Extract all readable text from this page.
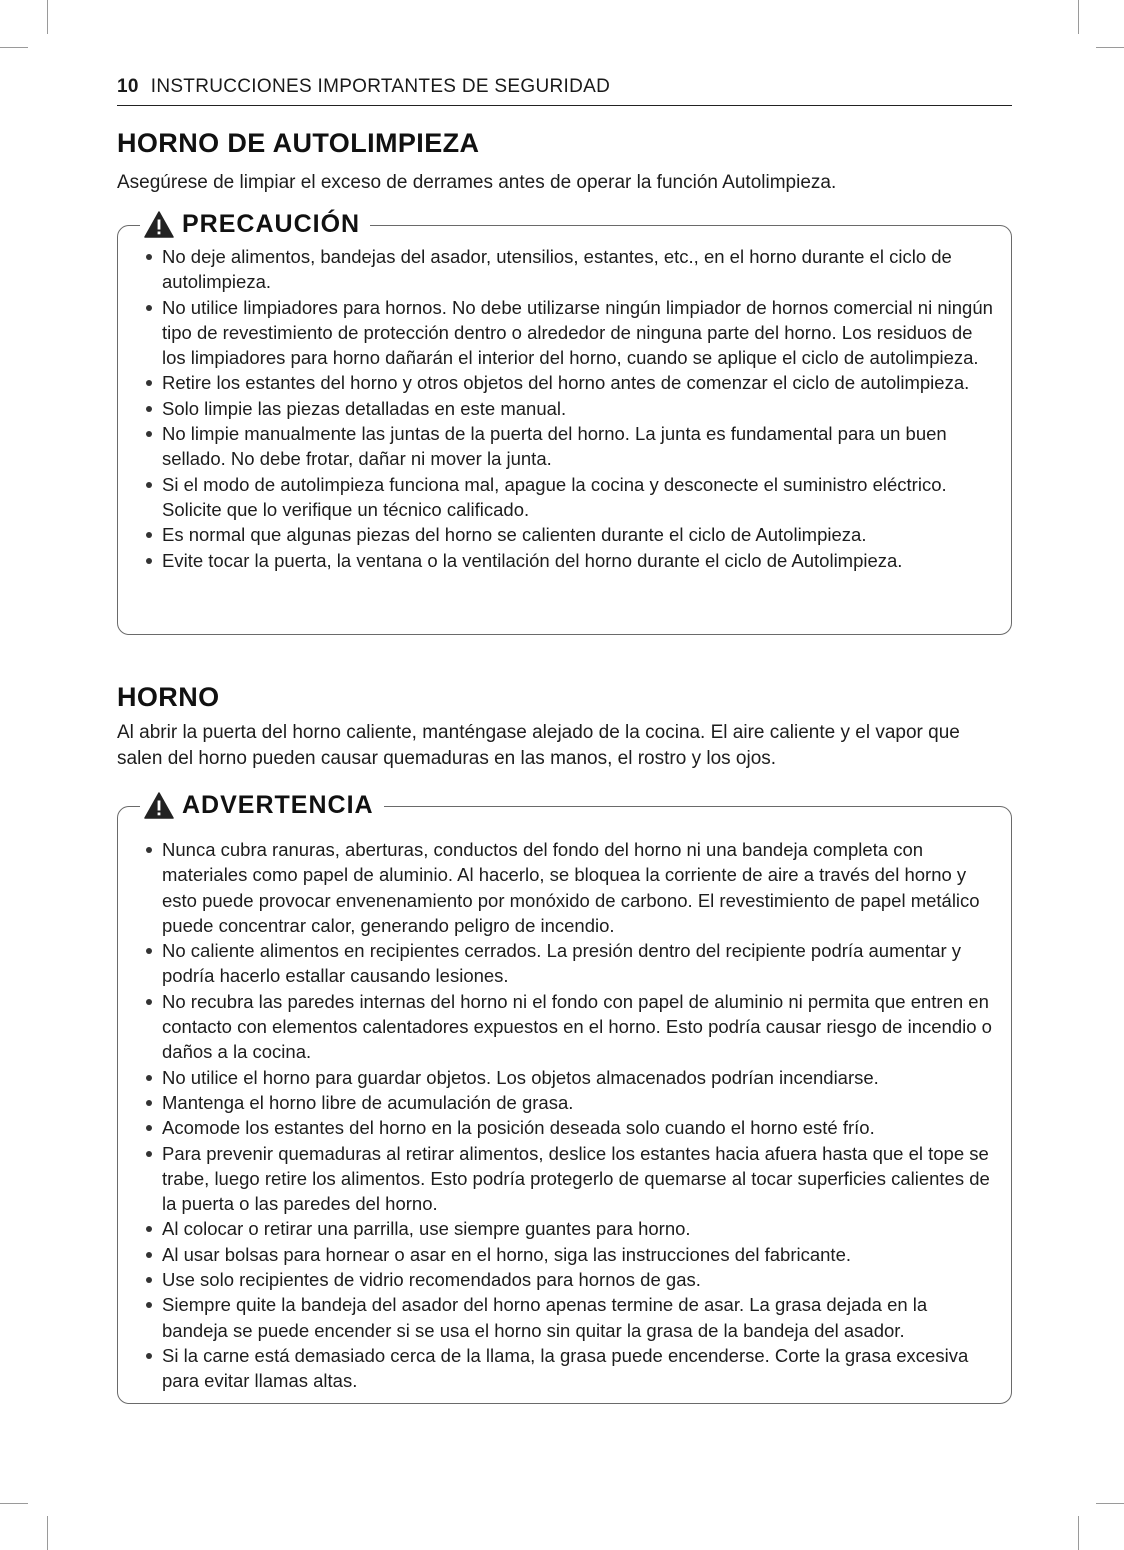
10 INSTRUCCIONES IMPORTANTES DE SEGURIDAD
HORNO DE AUTOLIMPIEZA

Asegúrese de limpiar el exceso de derrames antes de operar la función Autolimpieza.

PRECAUCIÓN
No deje alimentos, bandejas del asador, utensilios, estantes, etc., en el horno durante el ciclo de autolimpieza.
No utilice limpiadores para hornos. No debe utilizarse ningún limpiador de hornos comercial ni ningún tipo de revestimiento de protección dentro o alrededor de ninguna parte del horno. Los residuos de los limpiadores para horno dañarán el interior del horno, cuando se aplique el ciclo de autolimpieza.
Retire los estantes del horno y otros objetos del horno antes de comenzar el ciclo de autolimpieza.
Solo limpie las piezas detalladas en este manual.
No limpie manualmente las juntas de la puerta del horno. La junta es fundamental para un buen sellado. No debe frotar, dañar ni mover la junta.
Si el modo de autolimpieza funciona mal, apague la cocina y desconecte el suministro eléctrico. Solicite que lo verifique un técnico calificado.
Es normal que algunas piezas del horno se calienten durante el ciclo de Autolimpieza.
Evite tocar la puerta, la ventana o la ventilación del horno durante el ciclo de Autolimpieza.
HORNO

Al abrir la puerta del horno caliente, manténgase alejado de la cocina. El aire caliente y el vapor que salen del horno pueden causar quemaduras en las manos, el rostro y los ojos.

ADVERTENCIA
Nunca cubra ranuras, aberturas, conductos del fondo del horno ni una bandeja completa con materiales como papel de aluminio. Al hacerlo, se bloquea la corriente de aire a través del horno y esto puede provocar envenenamiento por monóxido de carbono. El revestimiento de papel metálico puede concentrar calor, generando peligro de incendio.
No caliente alimentos en recipientes cerrados. La presión dentro del recipiente podría aumentar y podría hacerlo estallar causando lesiones.
No recubra las paredes internas del horno ni el fondo con papel de aluminio ni permita que entren en contacto con elementos calentadores expuestos en el horno. Esto podría causar riesgo de incendio o daños a la cocina.
No utilice el horno para guardar objetos. Los objetos almacenados podrían incendiarse.
Mantenga el horno libre de acumulación de grasa.
Acomode los estantes del horno en la posición deseada solo cuando el horno esté frío.
Para prevenir quemaduras al retirar alimentos, deslice los estantes hacia afuera hasta que el tope se trabe, luego retire los alimentos. Esto podría protegerlo de quemarse al tocar superficies calientes de la puerta o las paredes del horno.
Al colocar o retirar una parrilla, use siempre guantes para horno.
Al usar bolsas para hornear o asar en el horno, siga las instrucciones del fabricante.
Use solo recipientes de vidrio recomendados para hornos de gas.
Siempre quite la bandeja del asador del horno apenas termine de asar. La grasa dejada en la bandeja se puede encender si se usa el horno sin quitar la grasa de la bandeja del asador.
Si la carne está demasiado cerca de la llama, la grasa puede encenderse. Corte la grasa excesiva para evitar llamas altas.
